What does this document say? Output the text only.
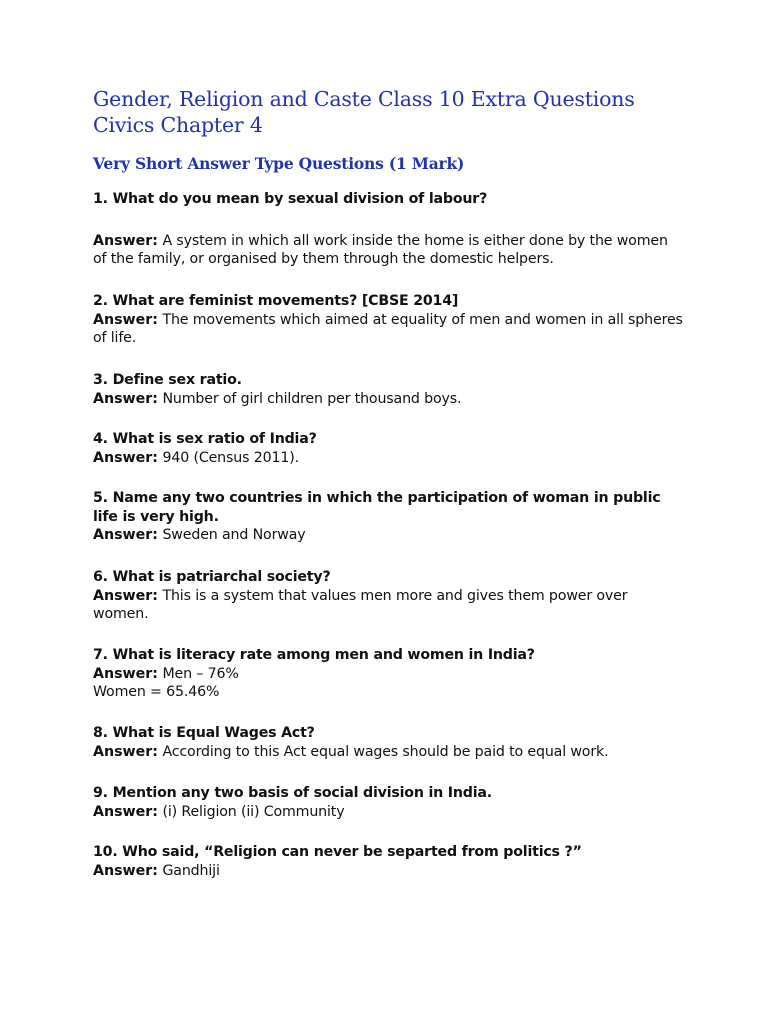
Gender, Religion and Caste Class 10 Extra Questions
Civics Chapter 4
Very Short Answer Type Questions (1 Mark)
1. What do you mean by sexual division of labour?
Answer: A system in which all work inside the home is either done by the women of the family, or organised by them through the domestic helpers.
2. What are feminist movements? [CBSE 2014]
Answer: The movements which aimed at equality of men and women in all spheres of life.
3. Define sex ratio.
Answer: Number of girl children per thousand boys.
4. What is sex ratio of India?
Answer: 940 (Census 2011).
5. Name any two countries in which the participation of woman in public life is very high.
Answer: Sweden and Norway
6. What is patriarchal society?
Answer: This is a system that values men more and gives them power over women.
7. What is literacy rate among men and women in India?
Answer: Men – 76%
Women = 65.46%
8. What is Equal Wages Act?
Answer: According to this Act equal wages should be paid to equal work.
9. Mention any two basis of social division in India.
Answer: (i) Religion (ii) Community
10. Who said, “Religion can never be separted from politics ?”
Answer: Gandhiji
